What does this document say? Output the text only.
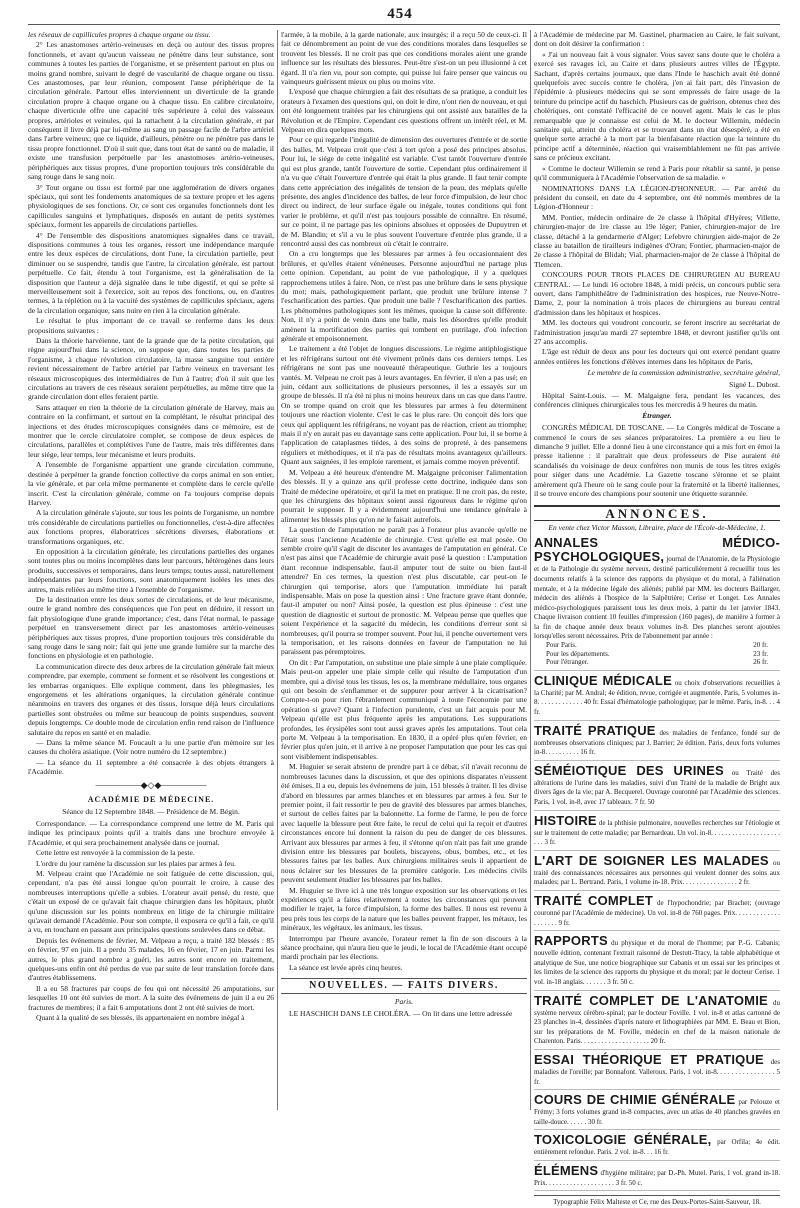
454

les réseaux de capillicules propres à chaque organe ou tissu.

2° Les anastomoses artério-veineuses en deçà ou autour des tissus propres fonctionnels, et avant qu'aucun vaisseau ne pénètre dans leur substance, sont communes à toutes les parties de l'organisme, et se présentent partout en plus ou moins grand nombre, suivant le degré de vascularité de chaque organe ou tissu. Ces anastomoses, par leur réunion, composent l'anse périphérique de la circulation générale. Partout elles interviennent un diverticule de la grande circulation propre à chaque organe ou à chaque tissu. En calibre circulatoire, chaque diverticule offre une capacité très supérieure à celui des vaisseaux propres, artérioles et veinules, qui la rattachent à la circulation générale, et par conséquent il livre déjà par lui-même au sang un passage facile de l'arbre artériel dans l'arbre veineux; que ce liquide, d'ailleurs, pénètre ou ne pénètre pas dans le tissu propre fonctionnel. D'où il suit que, dans tout état de santé ou de maladie, il existe une transfusion perpétuelle par les anastomoses artério-veineuses, périphériques aux tissus propres, d'une proportion toujours très considérable du sang rouge dans le sang noir.

3° Tout organe ou tissu est formé par une agglomération de divers organes spéciaux, qui sont les fondements anatomiques de sa texture propre et les agens physiologiques de ses fonctions. Or, ce sont ces organules fonctionnels dont les capillicules sanguins et lymphatiques, disposés en autant de petits systèmes spéciaux, forment les appareils de circulations partielles.

4° De l'ensemble des dispositions anatomiques signalées dans ce travail, dispositions communes à tous les organes, ressort une indépendance marquée entre les deux espèces de circulations, dont l'une, la circulation partielle, peut diminuer ou se suspendre, tandis que l'autre, la circulation générale, est partout perpétuelle. Ce fait, étendu à tout l'organisme, est la généralisation de la disposition que l'auteur a déjà signalée dans le tube digestif, et qui se prête si merveilleusement soit à l'exercice, soit au repos des fonctions, ou, en d'autres termes, à la réplétion ou à la vacuité des systèmes de capillicules spéciaux, agens de la circulation organique, sans nuire en rien à la circulation générale.

Le résultat le plus important de ce travail se renferme dans les deux propositions suivantes :

Dans la théorie harvéienne, tant de la grande que de la petite circulation, qui règne aujourd'hui dans la science, on suppose que, dans toutes les parties de l'organisme, à chaque révolution circulatoire, la masse sanguine tout entière revient nécessairement de l'arbre artériel par l'arbre veineux en traversant les réseaux microscopiques des intermédiaires de l'un à l'autre; d'où il suit que les circulations au travers de ces réseaux seraient perpétuelles, au même titre que la grande circulation dont elles feraient partie.

Sans attaquer en rien la théorie de la circulation générale de Harvey, mais au contraire en la confirmant, et surtout en la complétant, le résultat principal des injections et des études microscopiques consignées dans ce mémoire, est de montrer que le cercle circulatoire complet, se compose de deux espèces de circulations, parallèles et complétives l'une de l'autre, mais très différentes dans leur siége, leur temps, leur mécanisme et leurs produits.

A l'ensemble de l'organisme appartient une grande circulation commune, destinée à perpétuer la grande fonction collective du corps animal en son entier, la vie générale, et par cela même permanente et complète dans le cercle qu'elle inscrit. C'est la circulation générale, comme on l'a toujours comprise depuis Harvey.

A la circulation générale s'ajoute, sur tous les points de l'organisme, un nombre très considérable de circulations partielles ou fonctionnelles, c'est-à-dire affectées aux fonctions propres, élaboratrices sécrétions diverses, élaborations et transformations organiques, etc.

En opposition à la circulation générale, les circulations partielles des organes sont toutes plus ou moins incomplètes dans leur parcours, hétérogènes dans leurs produits, successives et temporaires, dans leurs temps; toutes aussi, naturellement indépendantes par leurs fonctions, sont anatomiquement isolées les unes des autres, mais reliées au même titre à l'ensemble de l'organisme.

De la destination entre les deux sortes de circulations, et de leur mécanisme, outre le grand nombre des conséquences que l'on peut en déduire, il ressort un fait physiologique d'une grande importance; c'est, dans l'état normal, le passage perpétuel en transversement direct par les anastomoses artério-veineuses périphériques aux tissus propres, d'une proportion toujours très considérable du sang rouge dans le sang noir; fait qui jette une grande lumière sur la marche des fonctions en physiologie et en pathologie.

La communication directe des deux arbres de la circulation générale fait mieux comprendre, par exemple, comment se forment et se résolvent les congestions et les embarras organiques. Elle explique comment, dans les phlegmasies, les engorgemens et les altérations organiques, la circulation générale continue néanmoins en travers des organes et des tissus, lorsque déjà leurs circulations partielles sont obstruées ou même sur beaucoup de points suspendues, souvent depuis longtemps. Ce double mode de circulation enfin rend raison de l'influence salutaire du repos en santé et en maladie.

— Dans la même séance M. Foucault a lu une partie d'un mémoire sur les causes du choléra asiatique. (Voir notre numéro du 12 septembre.)

— La séance du 11 septembre a été consacrée à des objets étrangers à l'Académie.

—————◆◇◆—————
ACADÉMIE DE MÉDECINE.
Séance du 12 Septembre 1848. — Présidence de M. Bégin.

Correspondance. — La correspondance comprend une lettre de M. Paris qui indique les principaux points qu'il a traités dans une brochure envoyée à l'Académie, et qui sera prochainement analysée dans ce journal.

Cette lettre est renvoyée à la commission de la peste.

L'ordre du jour ramène la discussion sur les plaies par armes à feu.

M. Velpeau craint que l'Académie ne soit fatiguée de cette discussion, qui, cependant, n'a pas été aussi longue qu'on pourrait le croire, à cause des nombreuses interruptions qu'elle a subies. L'orateur avait pensé, du reste, que c'était un exposé de ce qu'avait fait chaque chirurgien dans les hôpitaux, plutôt qu'une discussion sur les points nombreux en litige de la chirurgie militaire qu'avait demandé l'Académie. Pour son compte, il exposera ce qu'il a fait, ce qu'il a vu, en touchant en passant aux principales questions soulevées dans ce débat.

Depuis les événemens de février, M. Velpeau a reçu, a traité 182 blessés : 85 en février, 97 en juin. Il a perdu 35 malades, 16 en février, 17 en juin. Parmi les autres, le plus grand nombre a guéri, les autres sont encore en traitement, quelques-uns enfin ont été perdus de vue par suite de leur translation forcée dans d'autres établissemens.

Il a eu 58 fractures par coups de feu qui ont nécessité 26 amputations, sur lesquelles 10 ont été suivies de mort. A la suite des événemens de juin il a eu 26 fractures de membres; il a fait 6 amputations dont 2 ont été suivies de mort.

Quant à la qualité de ses blessés, ils appartenaient en nombre inégal à

l'armée, à la mobile, à la garde nationale, aux insurgés; il a reçu 50 de ceux-ci. Il fait ce dénombrement au point de vue des conditions morales dans lesquelles se trouvent les blessés. Il ne croit pas que ces conditions morales aient une grande influence sur les résultats des blessures. Peut-être s'est-on un peu illusionné à cet égard. Il n'a rien vu, pour son compte, qui puisse lui faire penser que vaincus ou vainqueurs guérissent mieux ou plus ou moins vite.

L'exposé que chaque chirurgien a fait des résultats de sa pratique, a conduit les orateurs à l'examen des questions qui, on doit le dire, n'ont rien de nouveau, et qui ont été longuement traitées par les chirurgiens qui ont assisté aux batailles de la Révolution et de l'Empire. Cependant ces questions offrent un intérêt réel, et M. Velpeau en dira quelques mots.

Pour ce qui regarde l'inégalité de dimension des ouvertures d'entrée et de sortie des balles, M. Velpeau croit que c'est à tort qu'on a posé des principes absolus. Pour lui, le siége de cette inégalité est variable. C'est tantôt l'ouverture d'entrée qui est plus grande, tantôt l'ouverture de sortie. Cependant plus ordinairement il n'a vu que c'était l'ouverture d'entrée qui était la plus grande. Il faut tenir compte dans cette appréciation des inégalités de tension de la peau, des méplats qu'elle présente, des angles d'incidence des balles, de leur force d'impulsion, de leur choc direct ou indirect, de leur surface égale ou inégale, toutes conditions qui font varier le problème, et qu'il n'est pas toujours possible de connaître. En résumé, sur ce point, il ne partage pas les opinions absolues et opposées de Dupuytren et de M. Blandin; et s'il a vu le plus souvent l'ouverture d'entrée plus grande, il a rencontré aussi des cas nombreux où c'était le contraire.

On a cru longtemps que les blessures par armes à feu occasionnaient des brûlures, et qu'elles étaient vénéneuses. Personne aujourd'hui ne partage plus cette opinion. Cependant, au point de vue pathologique, il y a quelques rapprochemens utiles à faire. Non, ce n'est pas une brûlure dans le sens physique du mot; mais, pathologiquement parlant, que produit une brûlure intense ? l'escharification des parties. Que produit une balle ? l'escharification des parties. Les phénomènes pathologiques sont les mêmes, quoique la cause soit différente. Non, il n'y a point de venin dans une balle, mais les désordres qu'elle produit amènent la mortification des parties qui tombent en putrilage, d'où infection générale et empoisonnement.

Le traitement a été l'objet de longues discussions. Le régime antiphlogistique et les réfrigérans surtout ont été vivement prônés dans ces derniers temps. Les réfrigérans ne sont pas une nouveauté thérapeutique. Guthrie les a toujours vantés. M. Velpeau ne croit pas à leurs avantages. En février, il n'en a pas usé; en juin, cédant aux sollicitations de plusieurs personnes, il les a essayés sur un groupe de blessés. Il n'a été ni plus ni moins heureux dans un cas que dans l'autre. On se trompe quand on croit que les blessures par armes à feu déterminent toujours une réaction violente. C'est le cas le plus rare. On conçoit dès lors que ceux qui appliquent les réfrigérans, ne voyant pas de réaction, crient au triomphe; mais il n'y en aurait pas eu davantage sans cette application. Pour lui, il se borne à l'application de cataplasmes tièdes, à des soins de propreté, à des pansemens réguliers et méthodiques, et il n'a pas de résultats moins avantageux qu'ailleurs. Quant aux saignées, il les emploie rarement, et jamais comme moyen préventif.

M. Velpeau a été heureux d'entendre M. Malgaigne préconiser l'alimentation des blessés. Il y a quinze ans qu'il professe cette doctrine, indiquée dans son Traité de médecine opératoire, et qu'il la met en pratique. Il ne croit pas, du reste, que les chirurgiens des hôpitaux soient aussi rigoureux dans le régime qu'on pourrait le supposer. Il y a évidemment aujourd'hui une tendance générale à alimenter les blessés plus qu'on ne le faisait autrefois.

La question de l'amputation ne paraît pas à l'orateur plus avancée qu'elle ne l'était sous l'ancienne Académie de chirurgie. C'est qu'elle est mal posée. On semble croire qu'il s'agit de discuter les avantages de l'amputation en général. Ce n'est pas ainsi que l'Académie de chirurgie avait posé la question : L'amputation étant reconnue indispensable, faut-il amputer tout de suite ou bien faut-il attendre? En ces termes, la question n'est plus discutable, car peut-on le chirurgien qui temporise, alors que l'amputation immédiate lui paraît indispensable. Mais on pose la question ainsi : Une fracture grave étant donnée, faut-il amputer ou non? Ainsi posée, la question est plus épineuse : c'est une question de diagnostic et surtout de pronostic. M. Velpeau pense que quelles que soient l'expérience et la sagacité du médecin, les conditions d'erreur sont si nombreuses, qu'il pourra se tromper souvent. Pour lui, il penche ouvertement vers la temporisation, et les raisons données en faveur de l'amputation ne lui paraissent pas péremptoires.

On dit : Par l'amputation, on substitue une plaie simple à une plaie compliquée. Mais peut-on appeler une plaie simple celle qui résulte de l'amputation d'un membre, qui a divisé tous les tissus, les os, la membrane médullaire, tous organes qui ont besoin de s'enflammer et de suppurer pour arriver à la cicatrisation? Compte-t-on pour rien l'ébranlement communiqué à toute l'économie par une opération si grave? Quant à l'infection purulente, c'est un fait acquis pour M. Velpeau qu'elle est plus fréquente après les amputations. Les suppurations profondes, les érysipèles sont tout aussi graves après les amputations. Tout cela porte M. Velpeau à la temporisation. En 1830, il a opéré plus qu'en février, en février plus qu'en juin, et il arrive à ne proposer l'amputation que pour les cas qui sont visiblement indispensables.

M. Huguier se serait abstenu de prendre part à ce débat, s'il n'avait reconnu de nombreuses lacunes dans la discussion, et que des opinions disparates n'eussent été émises. Il a eu, depuis les événemens de juin, 151 blessés à traiter. Il les divise d'abord en blessures par armes blanches et en blessures par armes à feu. Sur le premier point, il fait ressortir le peu de gravité des blessures par armes blanches, et surtout de celles faites par la baïonnette. La forme de l'arme, le peu de force avec laquelle la blessure peut être faite, le recul de celui qui la reçoit et d'autres circonstances encore lui donnent la raison du peu de danger de ces blessures. Arrivant aux blessures par armes à feu, il s'étonne qu'on n'ait pas fait une grande division entre les blessures par boulets, biscayens, obus, bombes, etc., et les blessures faites par les balles. Aux chirurgiens militaires seuls il appartient de nous éclairer sur les blessures de la première catégorie. Les médecins civils peuvent seulement étudier les blessures par les balles.

M. Huguier se livre ici à une très longue exposition sur les observations et les expériences qu'il a faites relativement à toutes les circonstances qui peuvent modifier le trajet, la force d'impulsion, la forme des balles. Il nous est revenu à peu près tous les corps de la nature que les balles peuvent frapper, les métaux, les minéraux, les végétaux, les animaux, les tissus.

Interrompu par l'heure avancée, l'orateur remet la fin de son discours à la séance prochaine, qui n'aura lieu que le jeudi, le local de l'Académie étant occupé mardi prochain par les élections.

La séance est levée après cinq heures.

NOUVELLES. — FAITS DIVERS.
Paris.

LE HASCHICH DANS LE CHOLÉRA. — On lit dans une lettre adressée

à l'Académie de médecine par M. Gastinel, pharmacien au Caire, le fait suivant, dont on doit désirer la confirmation :

« J'ai un nouveau fait à vous signaler. Vous savez sans doute que le choléra a exercé ses ravages ici, au Caire et dans plusieurs autres villes de l'Égypte. Sachant, d'après certains journaux, que dans l'Inde le haschich avait été donné quelquefois avec succès contre le choléra, j'en ai fait part, dès l'invasion de l'épidémie à plusieurs médecins qui se sont empressés de faire usage de la teinture du principe actif du haschich. Plusieurs cas de guérison, obtenus chez des cholériques, ont constaté l'efficacité de ce nouvel agent. Mais le cas le plus remarquable que je connaisse est celui de M. le docteur Willemin, médecin sanitaire qui, atteint du choléra et se trouvant dans un état désespéré, a été en quelque sorte arraché à la mort par la bienfaisante réaction que la teinture du principe actif a déterminée, réaction qui vraisemblablement ne fût pas arrivée sans ce précieux excitant.

« Comme le docteur Willemin se rend à Paris pour rétablir sa santé, je pense qu'il communiquera à l'Académie l'observation de sa maladie. »

NOMINATIONS DANS LA LÉGION-D'HONNEUR. — Par arrêté du président du conseil, en date du 4 septembre, ont été nommés membres de la Légion-d'Honneur :

MM. Pontier, médecin ordinaire de 2e classe à l'hôpital d'Hyères; Villette, chirurgien-major de 1re classe au 19e léger; Panier, chirurgien-major de 1re classe, détaché à la gendarmerie d'Alger; Lefebvre chirurgien aide-major de 2e classe au bataillon de tirailleurs indigènes d'Oran; Fontier, pharmacien-major de 2e classe à l'hôpital de Blidah; Vial, pharmacien-major de 2e classe à l'hôpital de Tlemcen.

CONCOURS POUR TROIS PLACES DE CHIRURGIEN AU BUREAU CENTRAL. — Le lundi 16 octobre 1848, à midi précis, un concours public sera ouvert, dans l'amphithéâtre de l'administration des hospices, rue Neuve-Notre-Dame, 2, pour la nomination à trois places de chirurgiens au bureau central d'admission dans les hôpitaux et hospices.

MM. les docteurs qui voudront concourir, se feront inscrire au secrétariat de l'administration jusqu'au mardi 27 septembre 1848, et devront justifier qu'ils ont 27 ans accomplis.

L'âge est réduit de deux ans pour les docteurs qui ont exercé pendant quatre années entières les fonctions d'élèves internes dans les hôpitaux de Paris,

Le membre de la commission administrative, secrétaire général,
Signé L. Dubost.

Hôpital Saint-Louis. — M. Malgaigne fera, pendant les vacances, des conférences cliniques chirurgicales tous les mercredis à 9 heures du matin.

Étranger.

CONGRÈS MÉDICAL DE TOSCANE. — Le Congrès médical de Toscane a commencé le cours de ses séances préparatoires. La première a eu lieu le dimanche 9 juillet. Elle a donné lieu à une circonstance qui a mis fort en émoi la presse italienne : il paraîtrait que deux professeurs de Pise auraient été scandalisés du voisinage de deux confrères non munis de tous les titres exigés pour siéger dans une Académie. La Gazette toscane s'étonne et se plaint amèrement qu'à l'heure où le sang coule pour la fraternité et la liberté italiennes, il se trouve encore des champions pour soutenir une étiquette surannée.

ANNONCES.
En vente chez Victor Masson, Libraire, place de l'École-de-Médecine, 1.
ANNALES MÉDICO-PSYCHOLOGIQUES, journal de l'Anatomie, de la Physiologie et de la Pathologie du système nerveux, destiné particulièrement à recueillir tous les documents relatifs à la science des rapports du physique et du moral, à l'aliénation mentale, et à la médecine légale des aliénés; publié par MM. les docteurs Baillarger, médecin des aliénés à l'hospice de la Salpêtrière; Cerise et Longet. Les Annales médico-psychologiques paraissent tous les deux mois, à partir du 1er janvier 1843. Chaque livraison contient 10 feuilles d'impression (160 pages), de manière à former à la fin de chaque année deux beaux volumes in-8. Des planches seront ajoutées lorsqu'elles seront nécessaires. Prix de l'abonnement par année :
Pour Paris.	20 fr.
Pour les départements.	23 fr.
Pour l'étranger.	26 fr.
CLINIQUE MÉDICALE ou choix d'observations recueillies à la Charité; par M. Andral; 4e édition, revue, corrigée et augmentée. Paris, 5 volumes in-8. . . . . . . . . . . . . 40 fr. Essai d'hématologie pathologique; par le même. Paris, in-8. . . 4 fr.
TRAITÉ PRATIQUE des maladies de l'enfance, fondé sur de nombreuses observations cliniques; par J. Barrier; 2e édition. Paris, deux forts volumes in-8. . . . . . . . . . 16 fr.
SÉMÉIOTIQUE DES URINES ou Traité des altérations de l'urine dans les maladies, suivi d'un Traité de la maladie de Bright aux divers âges de la vie; par A. Becquerel. Ouvrage couronné par l'Académie des sciences. Paris, 1 vol. in-8, avec 17 tableaux. 7 fr. 50
HISTOIRE de la phthisie pulmonaire, nouvelles recherches sur l'étiologie et sur le traitement de cette maladie; par Bernardeau. Un vol. in-8. . . . . . . . . . . . . . . . . . . . . . . 3 fr.
L'ART DE SOIGNER LES MALADES ou traité des connaissances nécessaires aux personnes qui veulent donner des soins aux malades; par L. Bertrand. Paris, 1 volume in-18. Prix. . . . . . . . . . . . . . . . 2 fr.
TRAITÉ COMPLET de l'hypochondrie; par Brachet; (ouvrage couronné par l'Académie de médecine). Un vol. in-8 de 760 pages. Prix. . . . . . . . . . . . . . . . . . . . 9 fr.
RAPPORTS du physique et du moral de l'homme; par P.-G. Cabanis; nouvelle édition, contenant l'extrait raisonné de Destutt-Tracy, la table alphabétique et analytique de Sue, une notice biographique sur Cabanis et un essai sur les principes et les limites de la science des rapports du physique et du moral; par le docteur Cerise. 1 vol. in-18 anglais. . . . . . . 3 fr. 50 c.
TRAITÉ COMPLET DE L'ANATOMIE du système nerveux cérébro-spinal; par le docteur Foville. 1 vol. in-8 et atlas cartonné de 23 planches in-4, dessinées d'après nature et lithographiées par MM. E. Beau et Bion, sur les préparations de M. Foville, médecin en chef de la maison nationale de Charenton. Paris. . . . . . . . . . . . . . . . . . . . 20 fr.
ESSAI THÉORIQUE ET PRATIQUE des maladies de l'oreille; par Bonnafont. Valleroux. Paris, 1 vol. in-8. . . . . . . . . . . . . . . . 5 fr.
COURS DE CHIMIE GÉNÉRALE par Pelouze et Frémy; 3 forts volumes grand in-8 compactes, avec un atlas de 40 planches gravées en taille-douce. . . . . . 30 fr.
TOXICOLOGIE GÉNÉRALE, par Orfila; 4e édit. entièrement refondue. Paris. 2 vol. in-8. . . 16 fr.
ÉLÉMENS d'hygiène militaire; par D.-Ph. Mutel. Paris, 1 vol. grand in-18. Prix. . . . . . . . . . . . . . . . . . . . 3 fr. 50 c.
Typographie Félix Malteste et Ce, rue des Deux-Portes-Saint-Sauveur, 18.
